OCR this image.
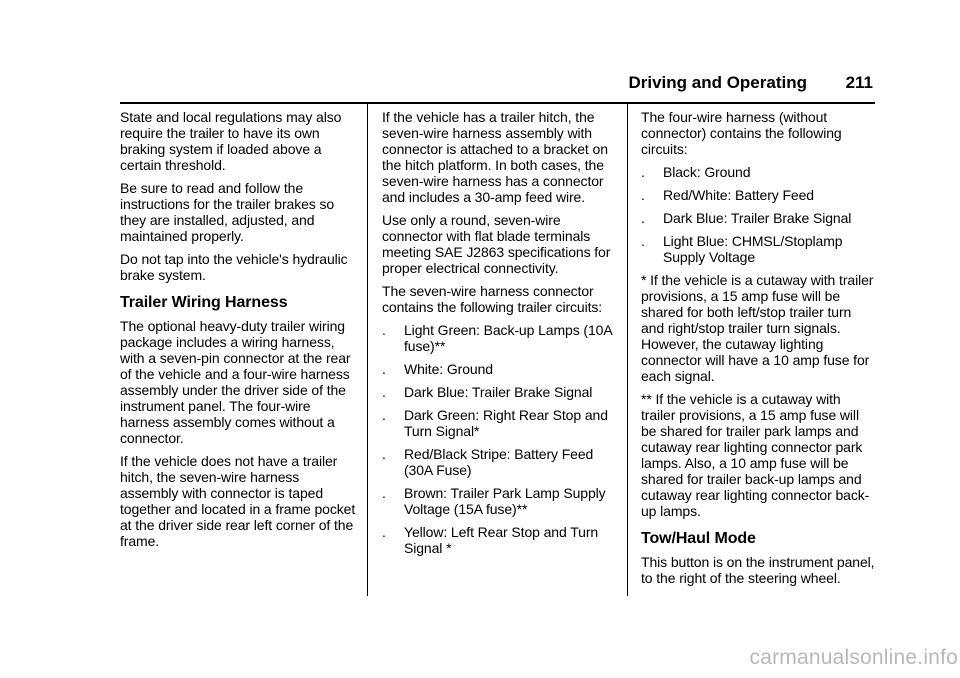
Driving and Operating 211

State and local regulations may also require the trailer to have its own braking system if loaded above a certain threshold.

Be sure to read and follow the instructions for the trailer brakes so they are installed, adjusted, and maintained properly.

Do not tap into the vehicle's hydraulic brake system.

Trailer Wiring Harness

The optional heavy-duty trailer wiring package includes a wiring harness, with a seven-pin connector at the rear of the vehicle and a four-wire harness assembly under the driver side of the instrument panel. The four-wire harness assembly comes without a connector.

If the vehicle does not have a trailer hitch, the seven-wire harness assembly with connector is taped together and located in a frame pocket at the driver side rear left corner of the frame.

If the vehicle has a trailer hitch, the seven-wire harness assembly with connector is attached to a bracket on the hitch platform. In both cases, the seven-wire harness has a connector and includes a 30-amp feed wire.

Use only a round, seven-wire connector with flat blade terminals meeting SAE J2863 specifications for proper electrical connectivity.

The seven-wire harness connector contains the following trailer circuits:

. Light Green: Back-up Lamps (10A fuse)**
. White: Ground
. Dark Blue: Trailer Brake Signal
. Dark Green: Right Rear Stop and Turn Signal*
. Red/Black Stripe: Battery Feed (30A Fuse)
. Brown: Trailer Park Lamp Supply Voltage (15A fuse)**
. Yellow: Left Rear Stop and Turn Signal *

The four-wire harness (without connector) contains the following circuits:

. Black: Ground
. Red/White: Battery Feed
. Dark Blue: Trailer Brake Signal
. Light Blue: CHMSL/Stoplamp Supply Voltage

* If the vehicle is a cutaway with trailer provisions, a 15 amp fuse will be shared for both left/stop trailer turn and right/stop trailer turn signals. However, the cutaway lighting connector will have a 10 amp fuse for each signal.

** If the vehicle is a cutaway with trailer provisions, a 15 amp fuse will be shared for trailer park lamps and cutaway rear lighting connector park lamps. Also, a 10 amp fuse will be shared for trailer back-up lamps and cutaway rear lighting connector back-up lamps.

Tow/Haul Mode

This button is on the instrument panel, to the right of the steering wheel.

carmanualsonline.info
